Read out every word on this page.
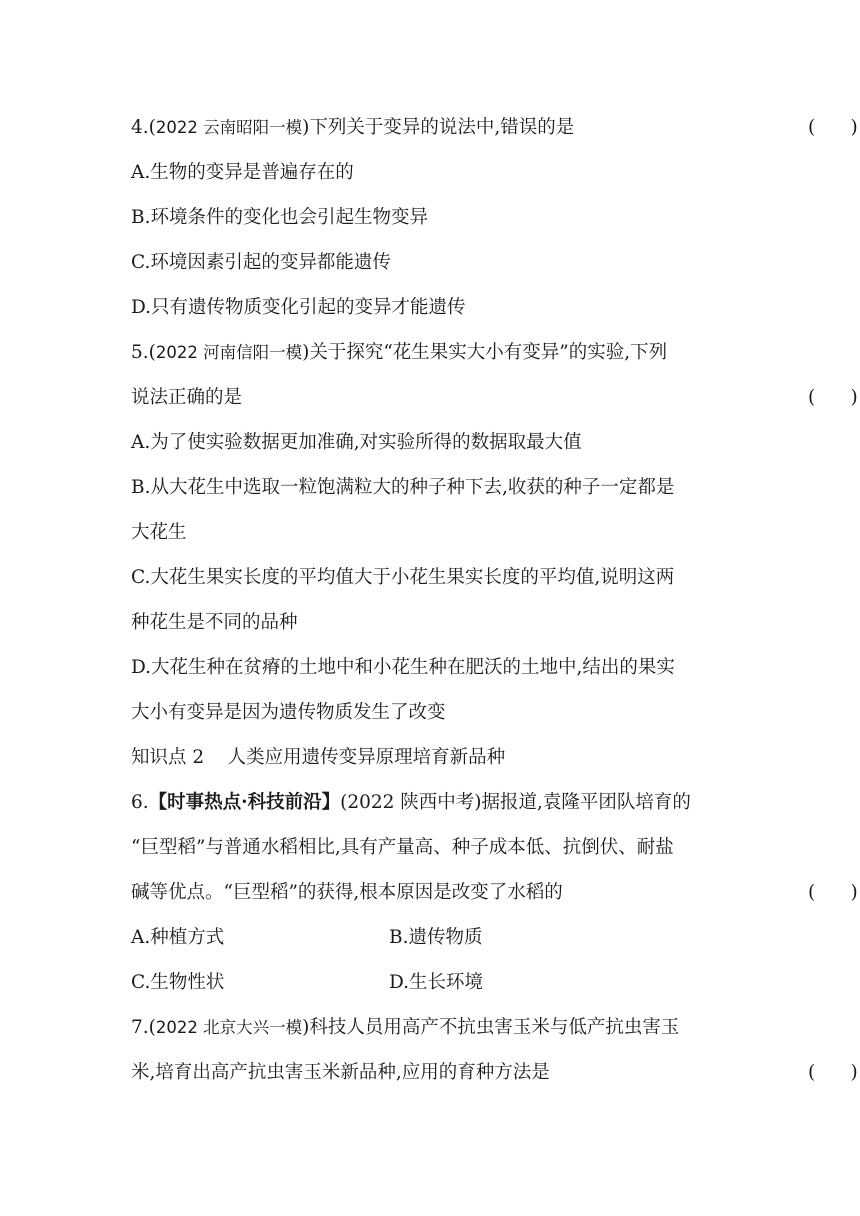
4.(2022 云南昭阳一模)下列关于变异的说法中,错误的是	(      )
A.生物的变异是普遍存在的
B.环境条件的变化也会引起生物变异
C.环境因素引起的变异都能遗传
D.只有遗传物质变化引起的变异才能遗传
5.(2022 河南信阳一模)关于探究“花生果实大小有变异”的实验,下列
说法正确的是	(      )
A.为了使实验数据更加准确,对实验所得的数据取最大值
B.从大花生中选取一粒饱满粒大的种子种下去,收获的种子一定都是
大花生
C.大花生果实长度的平均值大于小花生果实长度的平均值,说明这两
种花生是不同的品种
D.大花生种在贫瘠的土地中和小花生种在肥沃的土地中,结出的果实
大小有变异是因为遗传物质发生了改变
知识点 2    人类应用遗传变异原理培育新品种
6.【时事热点·科技前沿】(2022 陕西中考)据报道,袁隆平团队培育的
“巨型稻”与普通水稻相比,具有产量高、种子成本低、抗倒伏、耐盐
碱等优点。“巨型稻”的获得,根本原因是改变了水稻的	(      )
A.种植方式	B.遗传物质
C.生物性状	D.生长环境
7.(2022 北京大兴一模)科技人员用高产不抗虫害玉米与低产抗虫害玉
米,培育出高产抗虫害玉米新品种,应用的育种方法是	(      )
